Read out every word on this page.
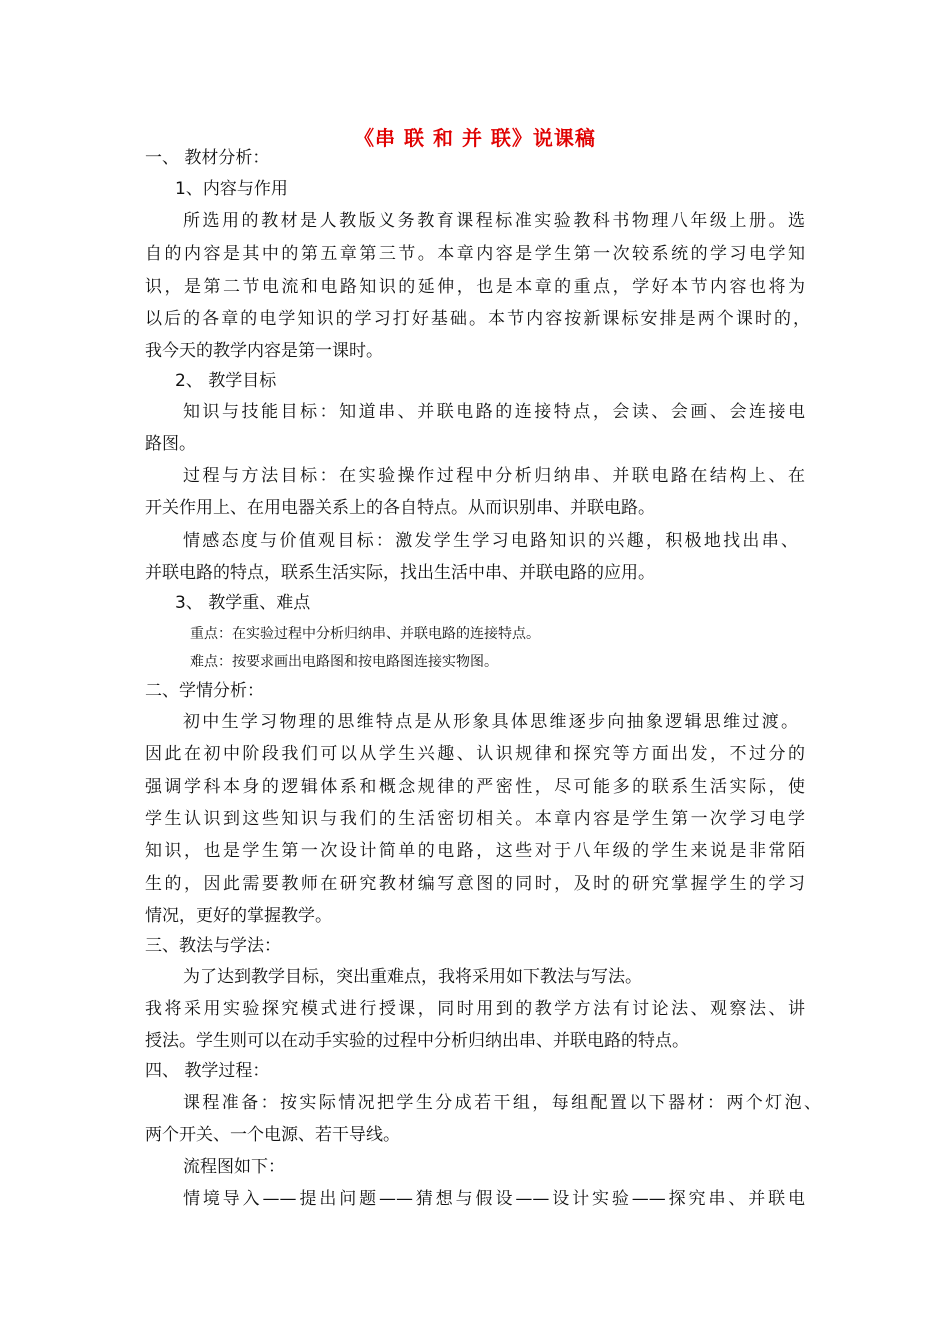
《串 联 和 并 联》说课稿
一、 教材分析：
1、内容与作用
所选用的教材是人教版义务教育课程标准实验教科书物理八年级上册。选
自的内容是其中的第五章第三节。本章内容是学生第一次较系统的学习电学知
识，是第二节电流和电路知识的延伸，也是本章的重点，学好本节内容也将为
以后的各章的电学知识的学习打好基础。本节内容按新课标安排是两个课时的，
我今天的教学内容是第一课时。
2、 教学目标
知识与技能目标：知道串、并联电路的连接特点，会读、会画、会连接电
路图。
过程与方法目标：在实验操作过程中分析归纳串、并联电路在结构上、在
开关作用上、在用电器关系上的各自特点。从而识别串、并联电路。
情感态度与价值观目标：激发学生学习电路知识的兴趣，积极地找出串、
并联电路的特点，联系生活实际，找出生活中串、并联电路的应用。
3、 教学重、难点
重点：在实验过程中分析归纳串、并联电路的连接特点。
难点：按要求画出电路图和按电路图连接实物图。
二、学情分析：
初中生学习物理的思维特点是从形象具体思维逐步向抽象逻辑思维过渡。
因此在初中阶段我们可以从学生兴趣、认识规律和探究等方面出发，不过分的
强调学科本身的逻辑体系和概念规律的严密性，尽可能多的联系生活实际，使
学生认识到这些知识与我们的生活密切相关。本章内容是学生第一次学习电学
知识，也是学生第一次设计简单的电路，这些对于八年级的学生来说是非常陌
生的，因此需要教师在研究教材编写意图的同时，及时的研究掌握学生的学习
情况，更好的掌握教学。
三、教法与学法：
为了达到教学目标，突出重难点，我将采用如下教法与写法。
我将采用实验探究模式进行授课，同时用到的教学方法有讨论法、观察法、讲
授法。学生则可以在动手实验的过程中分析归纳出串、并联电路的特点。
四、 教学过程：
课程准备：按实际情况把学生分成若干组，每组配置以下器材：两个灯泡、
两个开关、一个电源、若干导线。
流程图如下：
情境导入——提出问题——猜想与假设——设计实验——探究串、并联电
